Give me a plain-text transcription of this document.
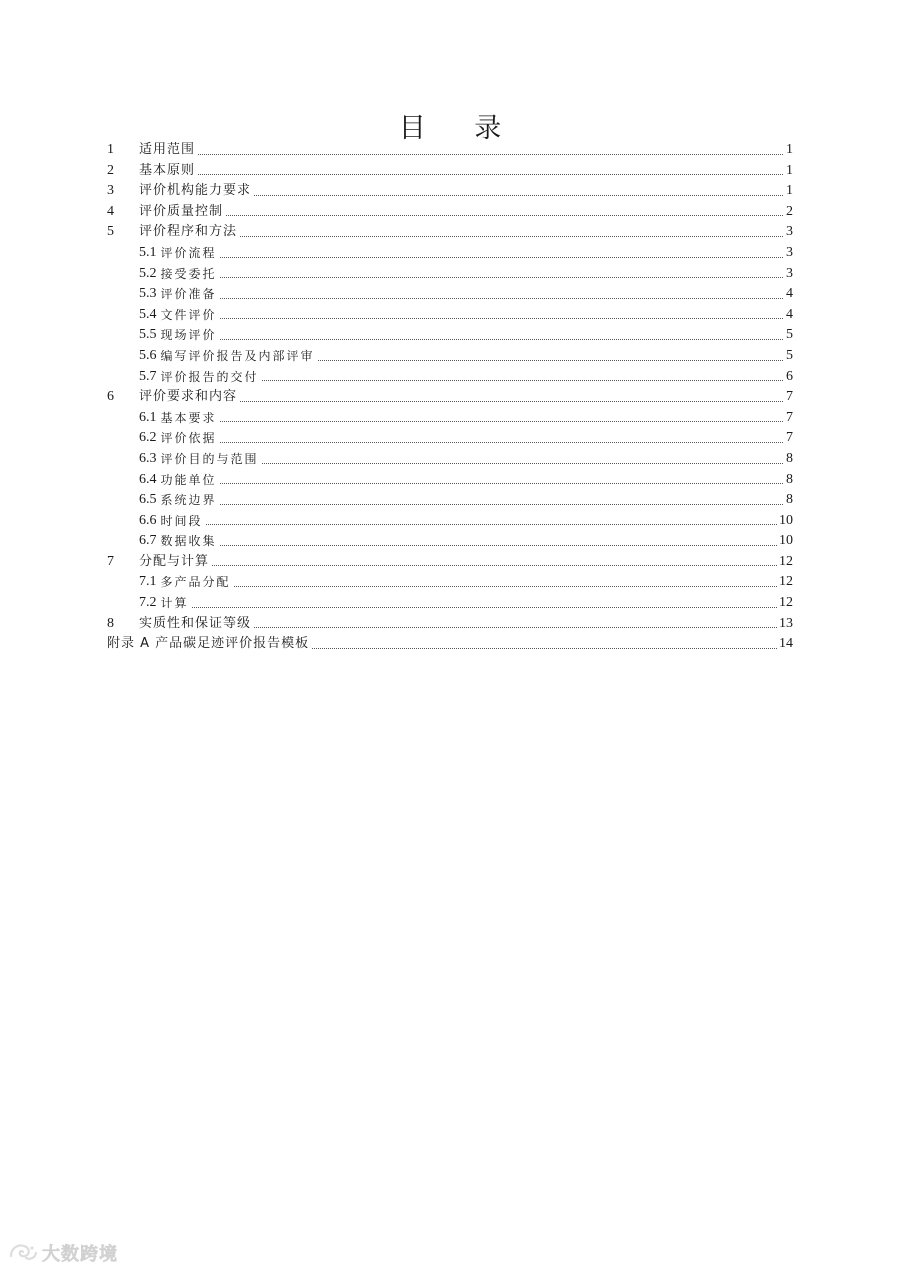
目 录
1	适用范围	1
2	基本原则	1
3	评价机构能力要求	1
4	评价质量控制	2
5	评价程序和方法	3
5.1 评价流程	3
5.2 接受委托	3
5.3 评价准备	4
5.4 文件评价	4
5.5 现场评价	5
5.6 编写评价报告及内部评审	5
5.7 评价报告的交付	6
6	评价要求和内容	7
6.1 基本要求	7
6.2 评价依据	7
6.3 评价目的与范围	8
6.4 功能单位	8
6.5 系统边界	8
6.6 时间段	10
6.7 数据收集	10
7	分配与计算	12
7.1 多产品分配	12
7.2 计算	12
8	实质性和保证等级	13
附录 A 产品碳足迹评价报告模板	14
大数跨境
